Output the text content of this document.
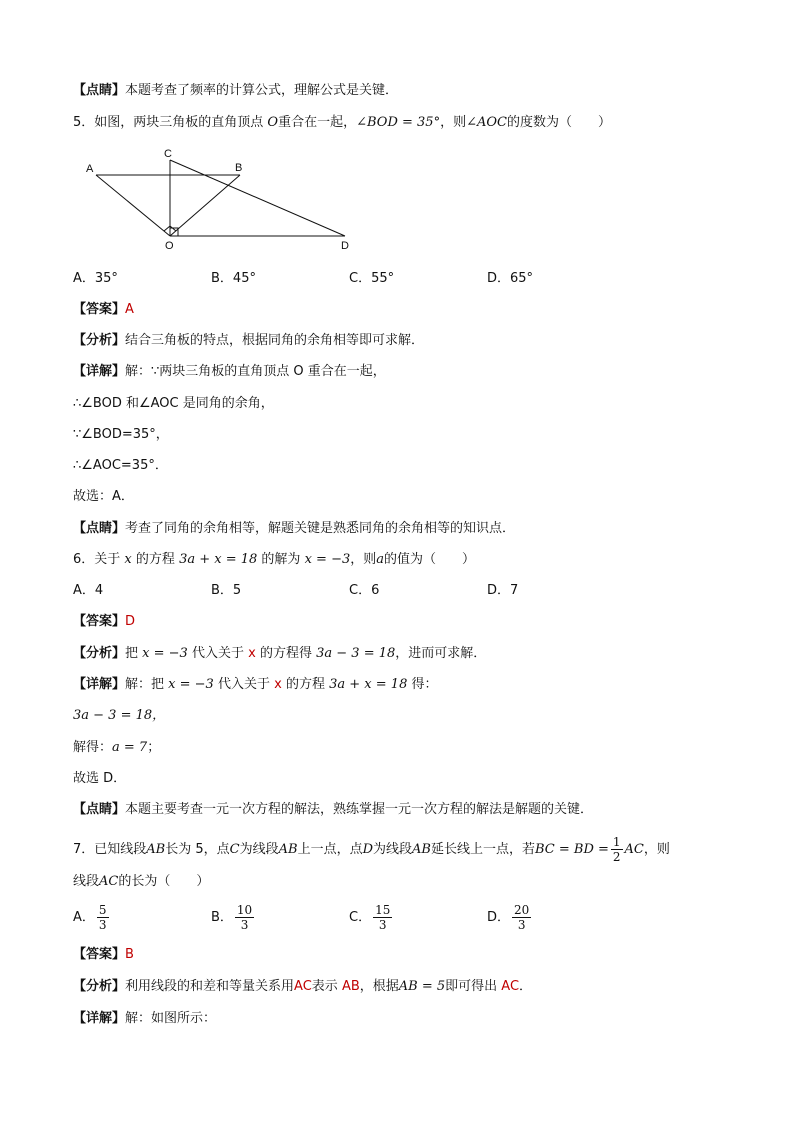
【点睛】本题考查了频率的计算公式，理解公式是关键．
5．如图，两块三角板的直角顶点 O重合在一起，∠BOD = 35°，则∠AOC的度数为（　　）
A	B
C
O	D
A．35°	B．45°	C．55°	D．65°
【答案】A
【分析】结合三角板的特点，根据同角的余角相等即可求解．
【详解】解：∵两块三角板的直角顶点 O 重合在一起，
∴∠BOD 和∠AOC 是同角的余角，
∵∠BOD=35°，
∴∠AOC=35°．
故选：A．
【点睛】考查了同角的余角相等，解题关键是熟悉同角的余角相等的知识点．
6．关于 x 的方程 3a + x = 18 的解为 x = −3，则a的值为（　　）
A．4	B．5	C．6	D．7
【答案】D
【分析】把 x = −3 代入关于 x 的方程得 3a − 3 = 18，进而可求解．
【详解】解：把 x = −3 代入关于 x 的方程 3a + x = 18 得：
3a − 3 = 18，
解得：a = 7；
故选 D．
【点睛】本题主要考查一元一次方程的解法，熟练掌握一元一次方程的解法是解题的关键．
7．已知线段AB长为 5，点C为线段AB上一点，点D为线段AB延长线上一点，若BC = BD = $\frac{1}{2}$ AC，则
线段AC的长为（　　）
A． $\frac{5}{3}$	B． $\frac{10}{3}$	C． $\frac{15}{3}$	D． $\frac{20}{3}$
【答案】B
【分析】利用线段的和差和等量关系用AC表示 AB，根据AB = 5即可得出 AC．
【详解】解：如图所示：
